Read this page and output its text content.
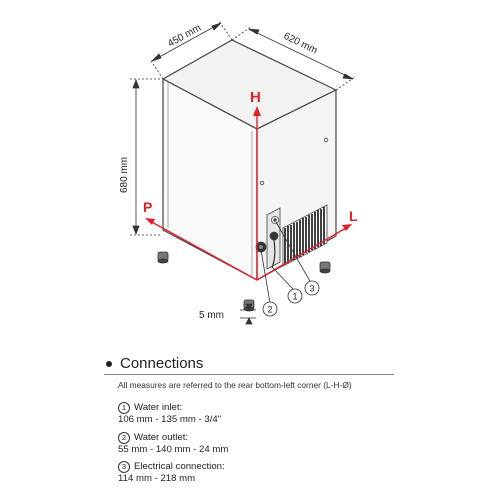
450 mm	620 mm
680 mm
5 mm
H
P
L
1
2
3
Connections
All measures are referred to the rear bottom-left corner (L-H-Ø)
1 Water inlet:
106 mm - 135 mm - 3/4"
2 Water outlet:
55 mm - 140 mm - 24 mm
3 Electrical connection:
114 mm - 218 mm
